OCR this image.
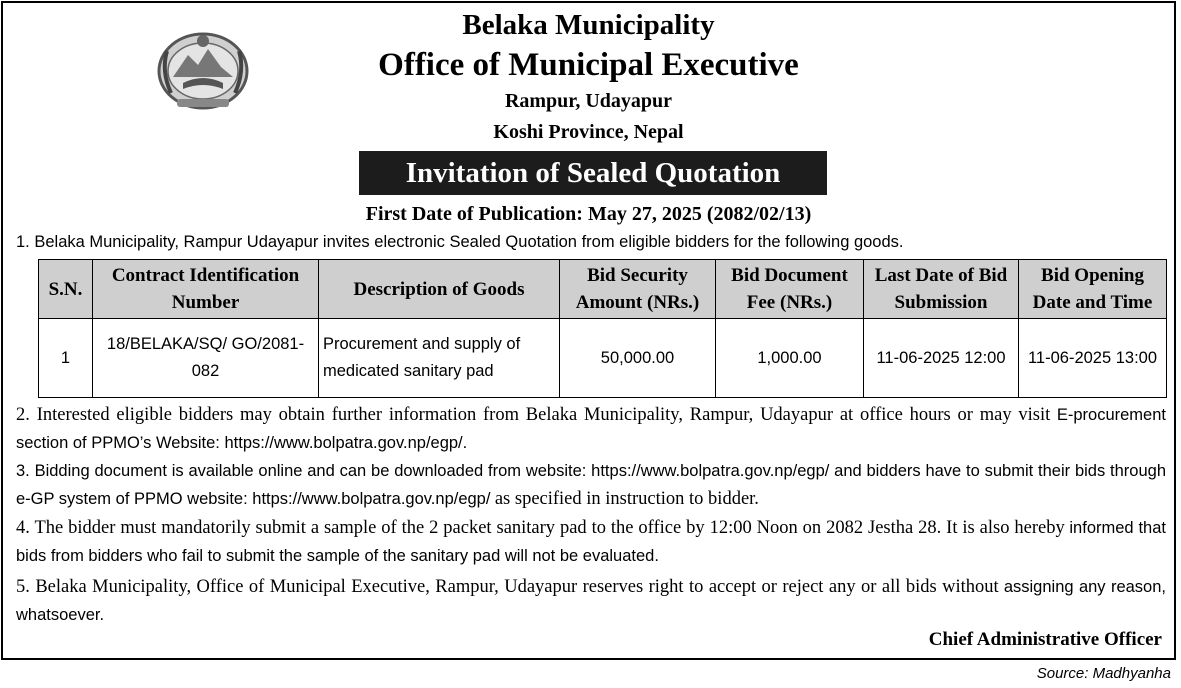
Belaka Municipality
Office of Municipal Executive
Rampur, Udayapur
Koshi Province, Nepal
Invitation of Sealed Quotation
First Date of Publication: May 27, 2025 (2082/02/13)
1. Belaka Municipality, Rampur Udayapur invites electronic Sealed Quotation from eligible bidders for the following goods.
S.N.	Contract Identification Number	Description of Goods	Bid Security Amount (NRs.)	Bid Document Fee (NRs.)	Last Date of Bid Submission	Bid Opening Date and Time
1	18/BELAKA/SQ/ GO/2081-082	Procurement and supply of medicated sanitary pad	50,000.00	1,000.00	11-06-2025 12:00	11-06-2025 13:00
2. Interested eligible bidders may obtain further information from Belaka Municipality, Rampur, Udayapur at office hours or may visit E-procurement section of PPMO’s Website: https://www.bolpatra.gov.np/egp/.
3. Bidding document is available online and can be downloaded from website: https://www.bolpatra.gov.np/egp/ and bidders have to submit their bids through e-GP system of PPMO website: https://www.bolpatra.gov.np/egp/ as specified in instruction to bidder.
4. The bidder must mandatorily submit a sample of the 2 packet sanitary pad to the office by 12:00 Noon on 2082 Jestha 28. It is also hereby informed that bids from bidders who fail to submit the sample of the sanitary pad will not be evaluated.
5. Belaka Municipality, Office of Municipal Executive, Rampur, Udayapur reserves right to accept or reject any or all bids without assigning any reason, whatsoever.
Chief Administrative Officer
Source: Madhyanha
